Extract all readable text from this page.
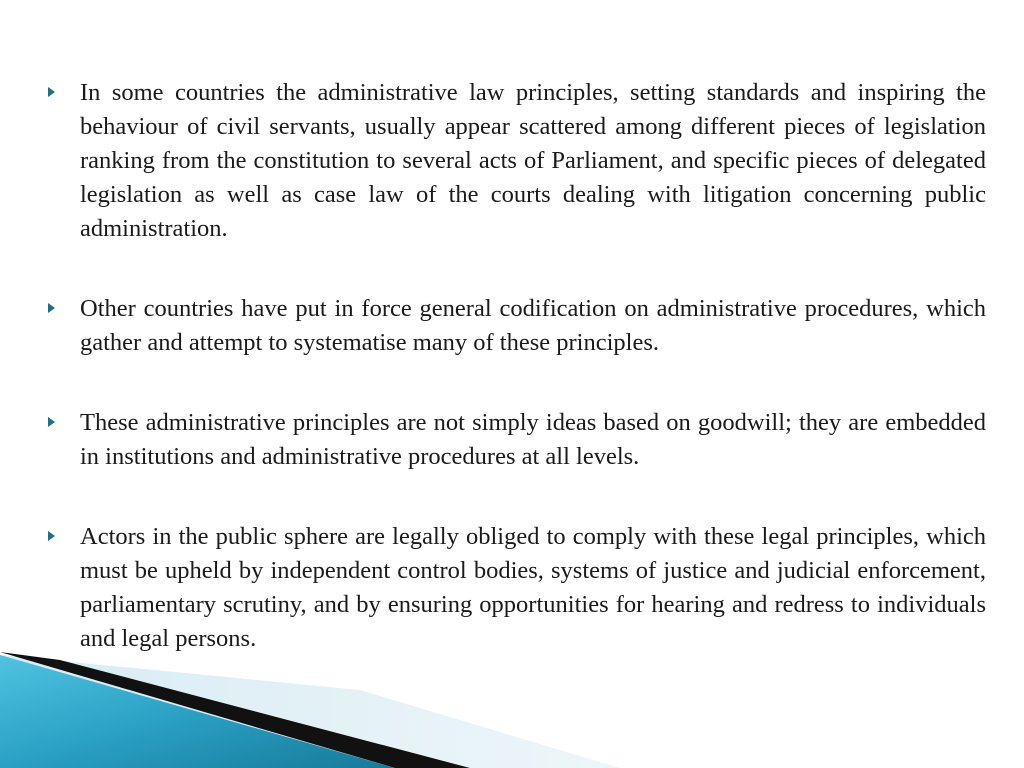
In some countries the administrative law principles, setting standards and inspiring the behaviour of civil servants, usually appear scattered among different pieces of legislation ranking from the constitution to several acts of Parliament, and specific pieces of delegated legislation as well as case law of the courts dealing with litigation concerning public administration.
Other countries have put in force general codification on administrative procedures, which gather and attempt to systematise many of these principles.
These administrative principles are not simply ideas based on goodwill; they are embedded in institutions and administrative procedures at all levels.
Actors in the public sphere are legally obliged to comply with these legal principles, which must be upheld by independent control bodies, systems of justice and judicial enforcement, parliamentary scrutiny, and by ensuring opportunities for hearing and redress to individuals and legal persons.
